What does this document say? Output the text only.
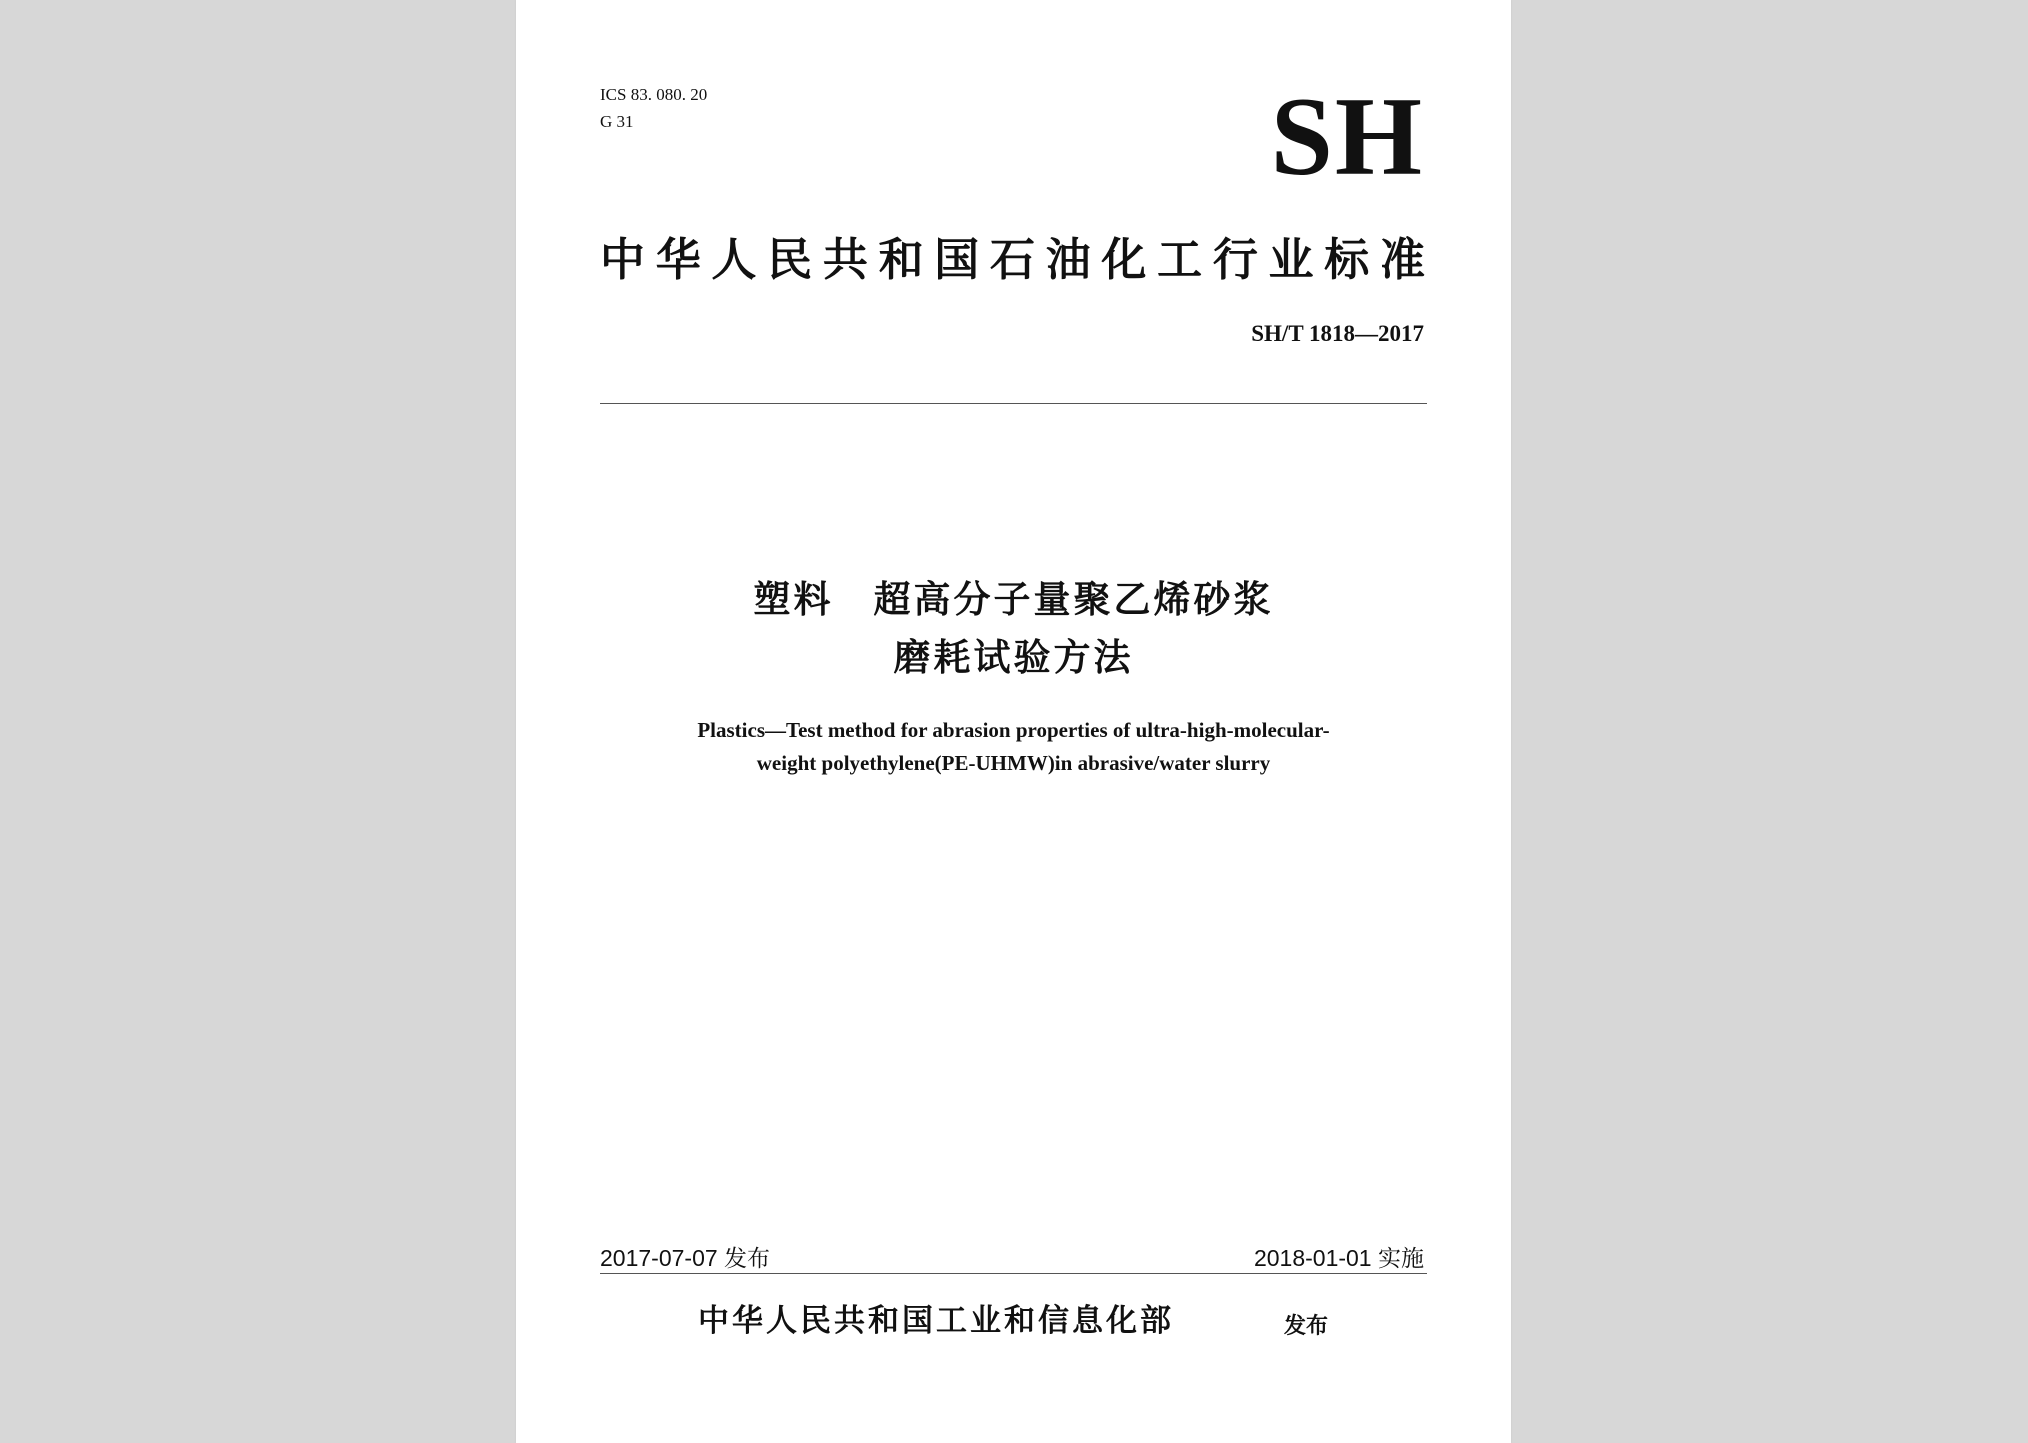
ICS 83. 080. 20

G 31	SH

中华人民共和国石油化工行业标准

SH/T 1818—2017

塑料　超高分子量聚乙烯砂浆

磨耗试验方法

Plastics—Test method for abrasion properties of ultra-high-molecular-

weight polyethylene(PE-UHMW)in abrasive/water slurry

2017-07-07 发布	2018-01-01 实施

中华人民共和国工业和信息化部	发布
